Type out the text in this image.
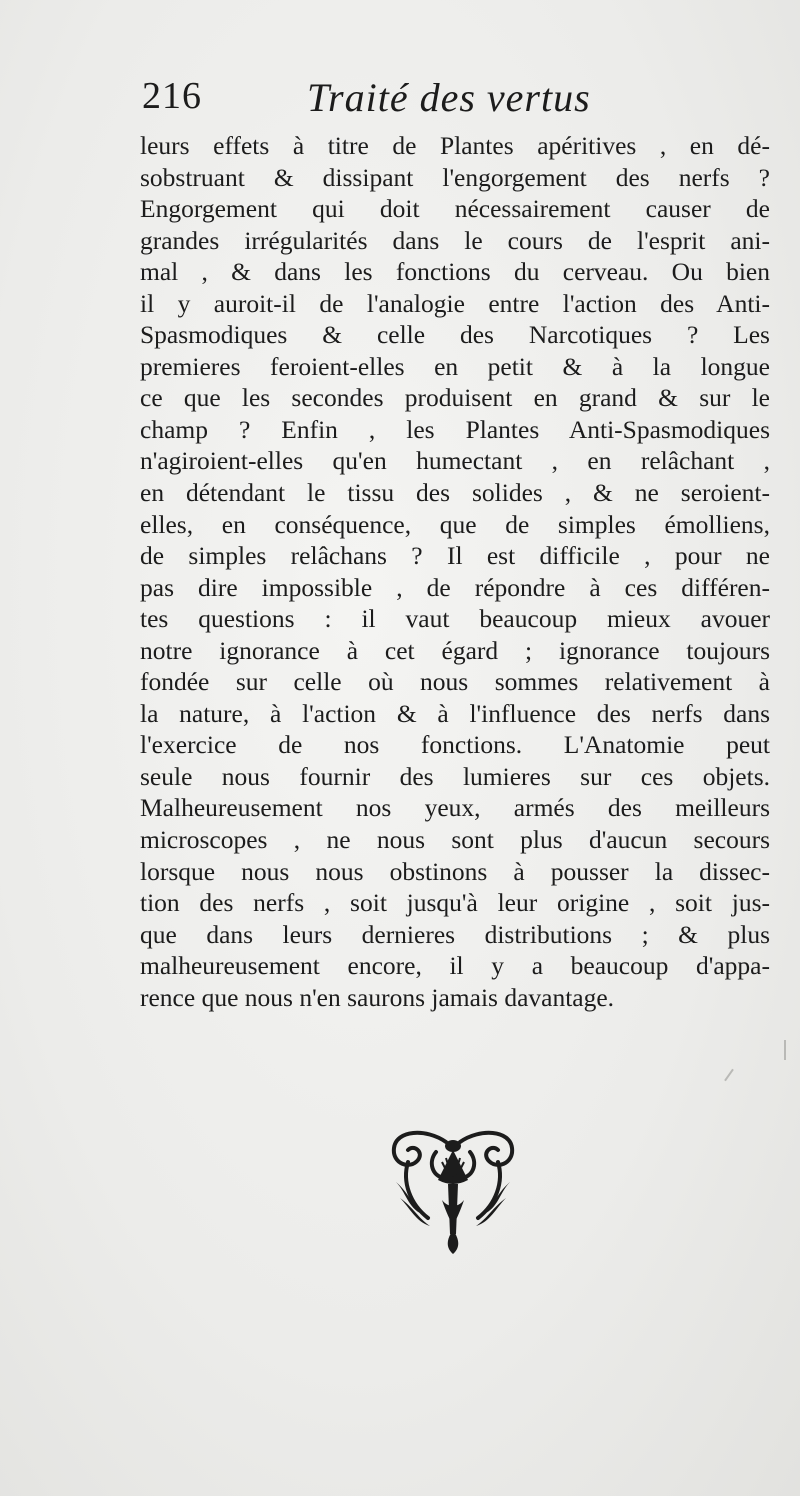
216	Traité des vertus
leurs effets à titre de Plantes apéritives , en dé-
sobstruant & dissipant l'engorgement des nerfs ?
Engorgement qui doit nécessairement causer de
grandes irrégularités dans le cours de l'esprit ani-
mal , & dans les fonctions du cerveau. Ou bien
il y auroit-il de l'analogie entre l'action des Anti-
Spasmodiques & celle des Narcotiques ? Les
premieres feroient-elles en petit & à la longue
ce que les secondes produisent en grand & sur le
champ ? Enfin , les Plantes Anti-Spasmodiques
n'agiroient-elles qu'en humectant , en relâchant ,
en détendant le tissu des solides , & ne seroient-
elles, en conséquence, que de simples émolliens,
de simples relâchans ? Il est difficile , pour ne
pas dire impossible , de répondre à ces différen-
tes questions : il vaut beaucoup mieux avouer
notre ignorance à cet égard ; ignorance toujours
fondée sur celle où nous sommes relativement à
la nature, à l'action & à l'influence des nerfs dans
l'exercice de nos fonctions. L'Anatomie peut
seule nous fournir des lumieres sur ces objets.
Malheureusement nos yeux, armés des meilleurs
microscopes , ne nous sont plus d'aucun secours
lorsque nous nous obstinons à pousser la dissec-
tion des nerfs , soit jusqu'à leur origine , soit jus-
que dans leurs dernieres distributions ; & plus
malheureusement encore, il y a beaucoup d'appa-
rence que nous n'en saurons jamais davantage.
